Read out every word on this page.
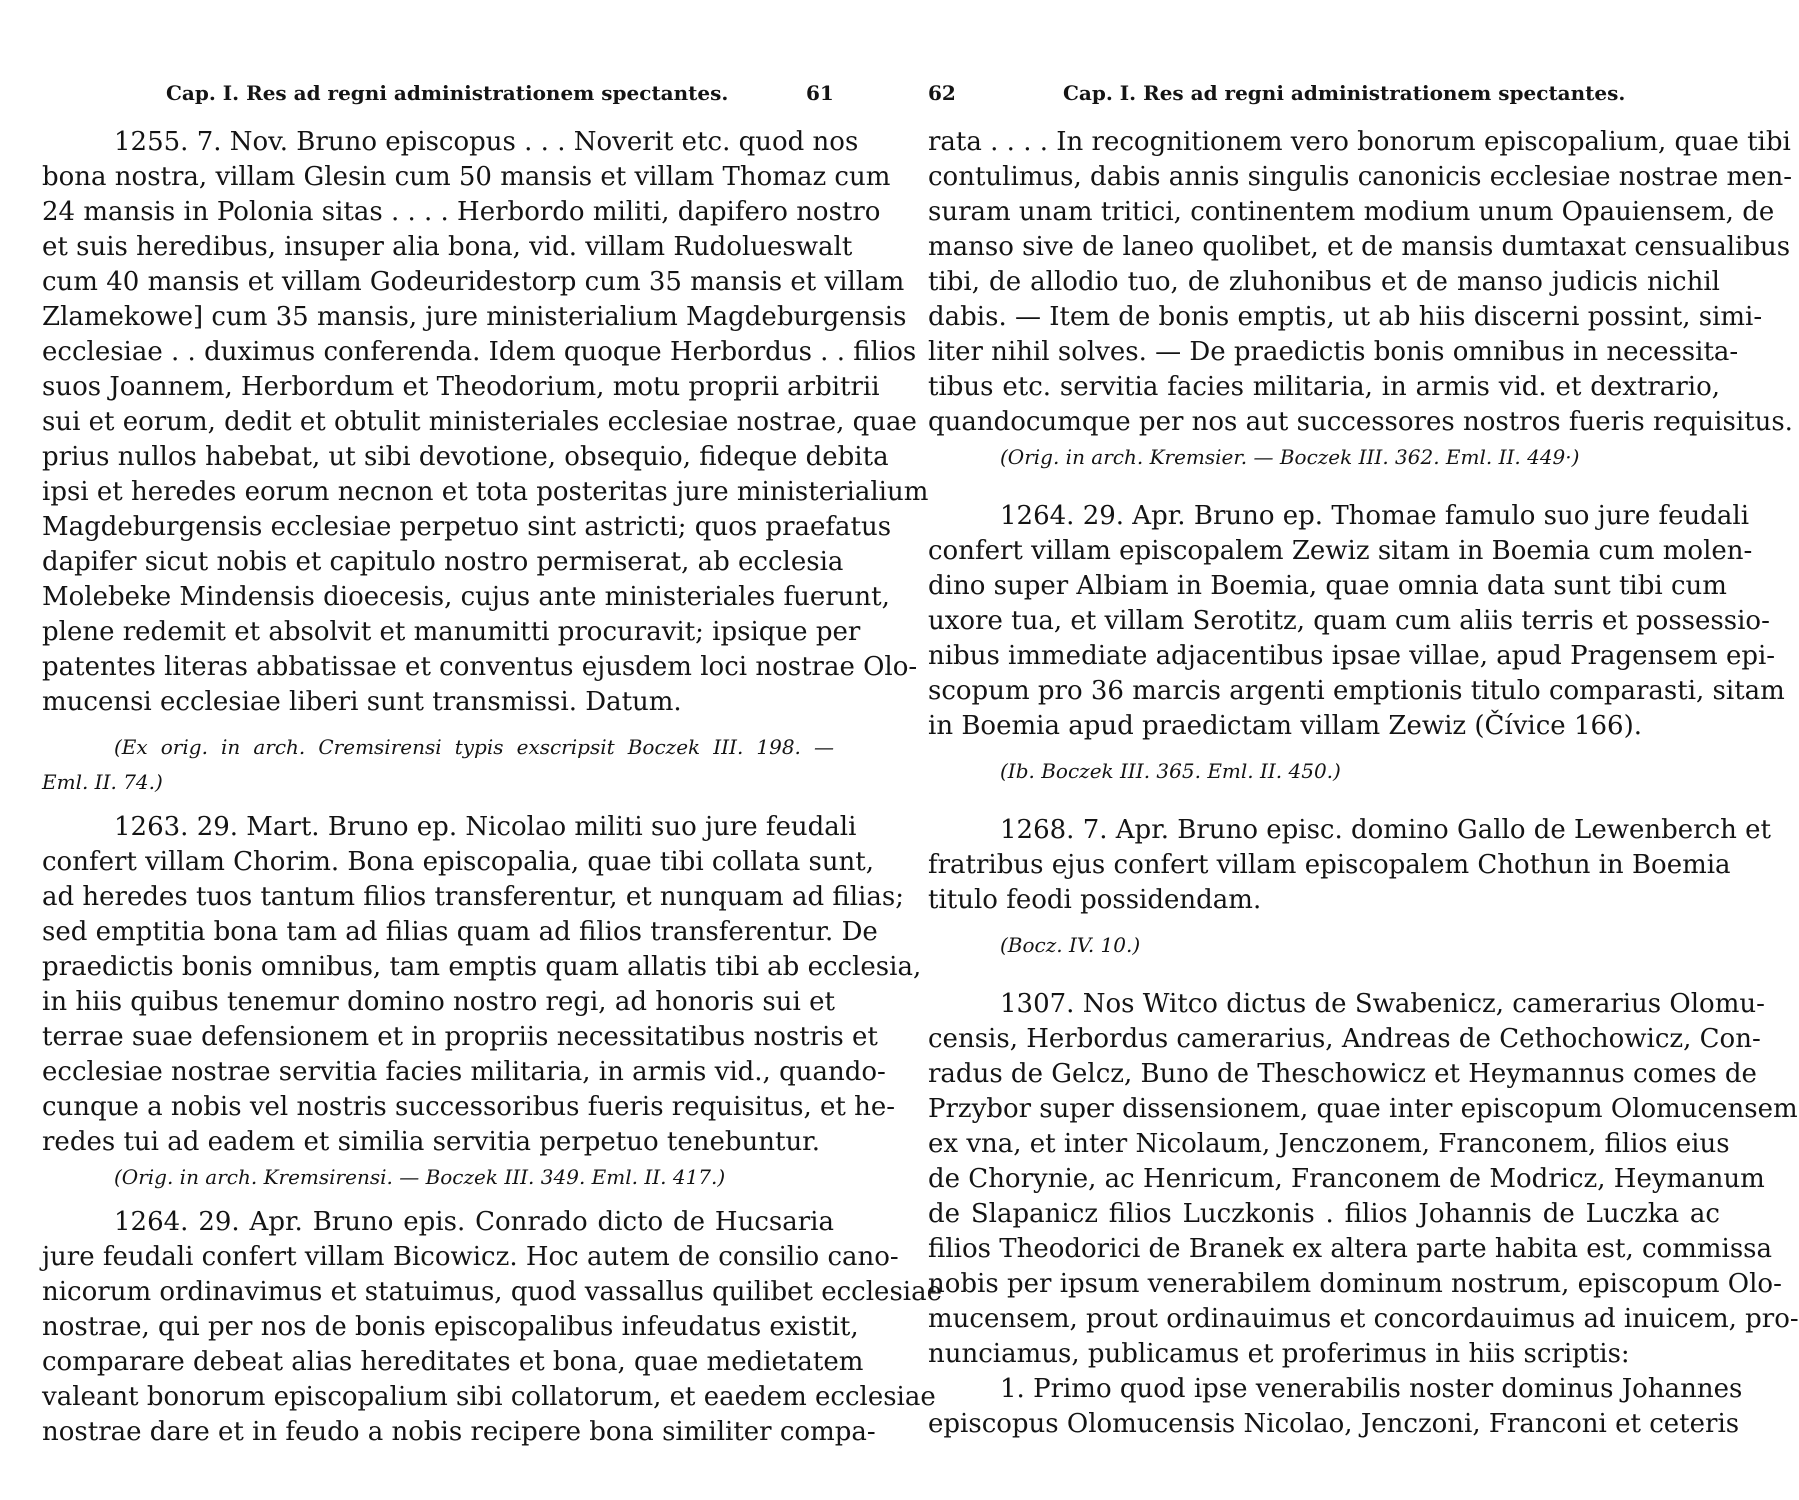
Cap. I. Res ad regni administrationem spectantes.	61
1255. 7. Nov. Bruno episcopus . . . Noverit etc. quod nos
bona nostra, villam Glesin cum 50 mansis et villam Thomaz cum
24 mansis in Polonia sitas . . . . Herbordo militi, dapifero nostro
et suis heredibus, insuper alia bona, vid. villam Rudolueswalt
cum 40 mansis et villam Godeuridestorp cum 35 mansis et villam
Zlamekowe] cum 35 mansis, jure ministerialium Magdeburgensis
ecclesiae . . duximus conferenda. Idem quoque Herbordus . . filios
suos Joannem, Herbordum et Theodorium, motu proprii arbitrii
sui et eorum, dedit et obtulit ministeriales ecclesiae nostrae, quae
prius nullos habebat, ut sibi devotione, obsequio, fideque debita
ipsi et heredes eorum necnon et tota posteritas jure ministerialium
Magdeburgensis ecclesiae perpetuo sint astricti; quos praefatus
dapifer sicut nobis et capitulo nostro permiserat, ab ecclesia
Molebeke Mindensis dioecesis, cujus ante ministeriales fuerunt,
plene redemit et absolvit et manumitti procuravit; ipsique per
patentes literas abbatissae et conventus ejusdem loci nostrae Olo-
mucensi ecclesiae liberi sunt transmissi. Datum.
(Ex orig. in arch. Cremsirensi typis exscripsit Boczek III. 198. —
Eml. II. 74.)
1263. 29. Mart. Bruno ep. Nicolao militi suo jure feudali
confert villam Chorim. Bona episcopalia, quae tibi collata sunt,
ad heredes tuos tantum filios transferentur, et nunquam ad filias;
sed emptitia bona tam ad filias quam ad filios transferentur. De
praedictis bonis omnibus, tam emptis quam allatis tibi ab ecclesia,
in hiis quibus tenemur domino nostro regi, ad honoris sui et
terrae suae defensionem et in propriis necessitatibus nostris et
ecclesiae nostrae servitia facies militaria, in armis vid., quando-
cunque a nobis vel nostris successoribus fueris requisitus, et he-
redes tui ad eadem et similia servitia perpetuo tenebuntur.
(Orig. in arch. Kremsirensi. — Boczek III. 349. Eml. II. 417.)
1264. 29. Apr. Bruno epis. Conrado dicto de Hucsaria
jure feudali confert villam Bicowicz. Hoc autem de consilio cano-
nicorum ordinavimus et statuimus, quod vassallus quilibet ecclesiae
nostrae, qui per nos de bonis episcopalibus infeudatus existit,
comparare debeat alias hereditates et bona, quae medietatem
valeant bonorum episcopalium sibi collatorum, et eaedem ecclesiae
nostrae dare et in feudo a nobis recipere bona similiter compa-
62	Cap. I. Res ad regni administrationem spectantes.
rata . . . . In recognitionem vero bonorum episcopalium, quae tibi
contulimus, dabis annis singulis canonicis ecclesiae nostrae men-
suram unam tritici, continentem modium unum Opauiensem, de
manso sive de laneo quolibet, et de mansis dumtaxat censualibus
tibi, de allodio tuo, de zluhonibus et de manso judicis nichil
dabis. — Item de bonis emptis, ut ab hiis discerni possint, simi-
liter nihil solves. — De praedictis bonis omnibus in necessita-
tibus etc. servitia facies militaria, in armis vid. et dextrario,
quandocumque per nos aut successores nostros fueris requisitus.
(Orig. in arch. Kremsier. — Boczek III. 362. Eml. II. 449·)
1264. 29. Apr. Bruno ep. Thomae famulo suo jure feudali
confert villam episcopalem Zewiz sitam in Boemia cum molen-
dino super Albiam in Boemia, quae omnia data sunt tibi cum
uxore tua, et villam Serotitz, quam cum aliis terris et possessio-
nibus immediate adjacentibus ipsae villae, apud Pragensem epi-
scopum pro 36 marcis argenti emptionis titulo comparasti, sitam
in Boemia apud praedictam villam Zewiz (Čívice 166).
(Ib. Boczek III. 365. Eml. II. 450.)
1268. 7. Apr. Bruno episc. domino Gallo de Lewenberch et
fratribus ejus confert villam episcopalem Chothun in Boemia
titulo feodi possidendam.
(Bocz. IV. 10.)
1307. Nos Witco dictus de Swabenicz, camerarius Olomu-
censis, Herbordus camerarius, Andreas de Cethochowicz, Con-
radus de Gelcz, Buno de Theschowicz et Heymannus comes de
Przybor super dissensionem, quae inter episcopum Olomucensem
ex vna, et inter Nicolaum, Jenczonem, Franconem, filios eius
de Chorynie, ac Henricum, Franconem de Modricz, Heymanum
de Slapanicz filios Luczkonis . filios Johannis de Luczka ac
filios Theodorici de Branek ex altera parte habita est, commissa
nobis per ipsum venerabilem dominum nostrum, episcopum Olo-
mucensem, prout ordinauimus et concordauimus ad inuicem, pro-
nunciamus, publicamus et proferimus in hiis scriptis:
1. Primo quod ipse venerabilis noster dominus Johannes
episcopus Olomucensis Nicolao, Jenczoni, Franconi et ceteris
